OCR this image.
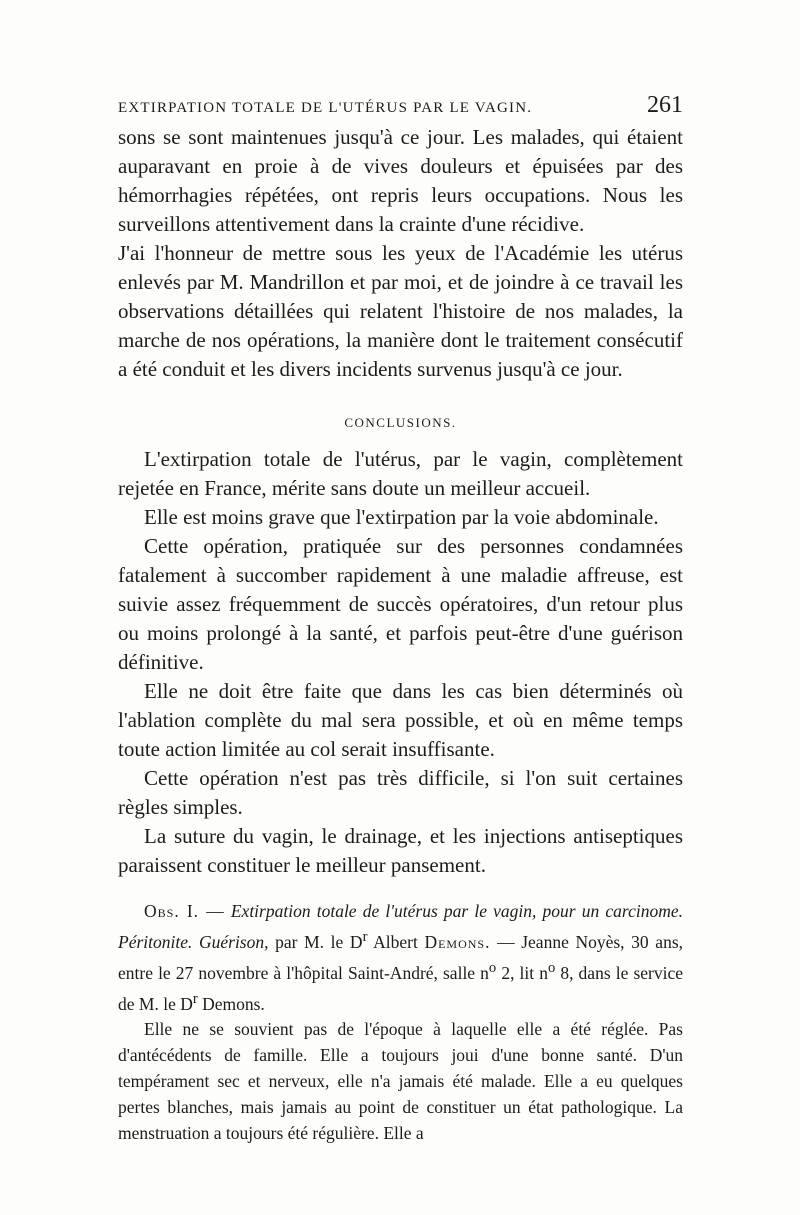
EXTIRPATION TOTALE DE L'UTÉRUS PAR LE VAGIN.	261

sons se sont maintenues jusqu'à ce jour. Les malades, qui étaient auparavant en proie à de vives douleurs et épuisées par des hémorrhagies répétées, ont repris leurs occupations. Nous les surveillons attentivement dans la crainte d'une récidive.

J'ai l'honneur de mettre sous les yeux de l'Académie les utérus enlevés par M. Mandrillon et par moi, et de joindre à ce travail les observations détaillées qui relatent l'histoire de nos malades, la marche de nos opérations, la manière dont le traitement consécutif a été conduit et les divers incidents survenus jusqu'à ce jour.

CONCLUSIONS.

L'extirpation totale de l'utérus, par le vagin, complètement rejetée en France, mérite sans doute un meilleur accueil.

Elle est moins grave que l'extirpation par la voie abdominale.

Cette opération, pratiquée sur des personnes condamnées fatalement à succomber rapidement à une maladie affreuse, est suivie assez fréquemment de succès opératoires, d'un retour plus ou moins prolongé à la santé, et parfois peut-être d'une guérison définitive.

Elle ne doit être faite que dans les cas bien déterminés où l'ablation complète du mal sera possible, et où en même temps toute action limitée au col serait insuffisante.

Cette opération n'est pas très difficile, si l'on suit certaines règles simples.

La suture du vagin, le drainage, et les injections antiseptiques paraissent constituer le meilleur pansement.

Obs. I. — Extirpation totale de l'utérus par le vagin, pour un carcinome. Péritonite. Guérison, par M. le $D^r$ Albert Demons. — Jeanne Noyès, 30 ans, entre le 27 novembre à l'hôpital Saint-André, salle $n^o$ 2, lit $n^o$ 8, dans le service de M. le $D^r$ Demons.

Elle ne se souvient pas de l'époque à laquelle elle a été réglée. Pas d'antécédents de famille. Elle a toujours joui d'une bonne santé. D'un tempérament sec et nerveux, elle n'a jamais été malade. Elle a eu quelques pertes blanches, mais jamais au point de constituer un état pathologique. La menstruation a toujours été régulière. Elle a
